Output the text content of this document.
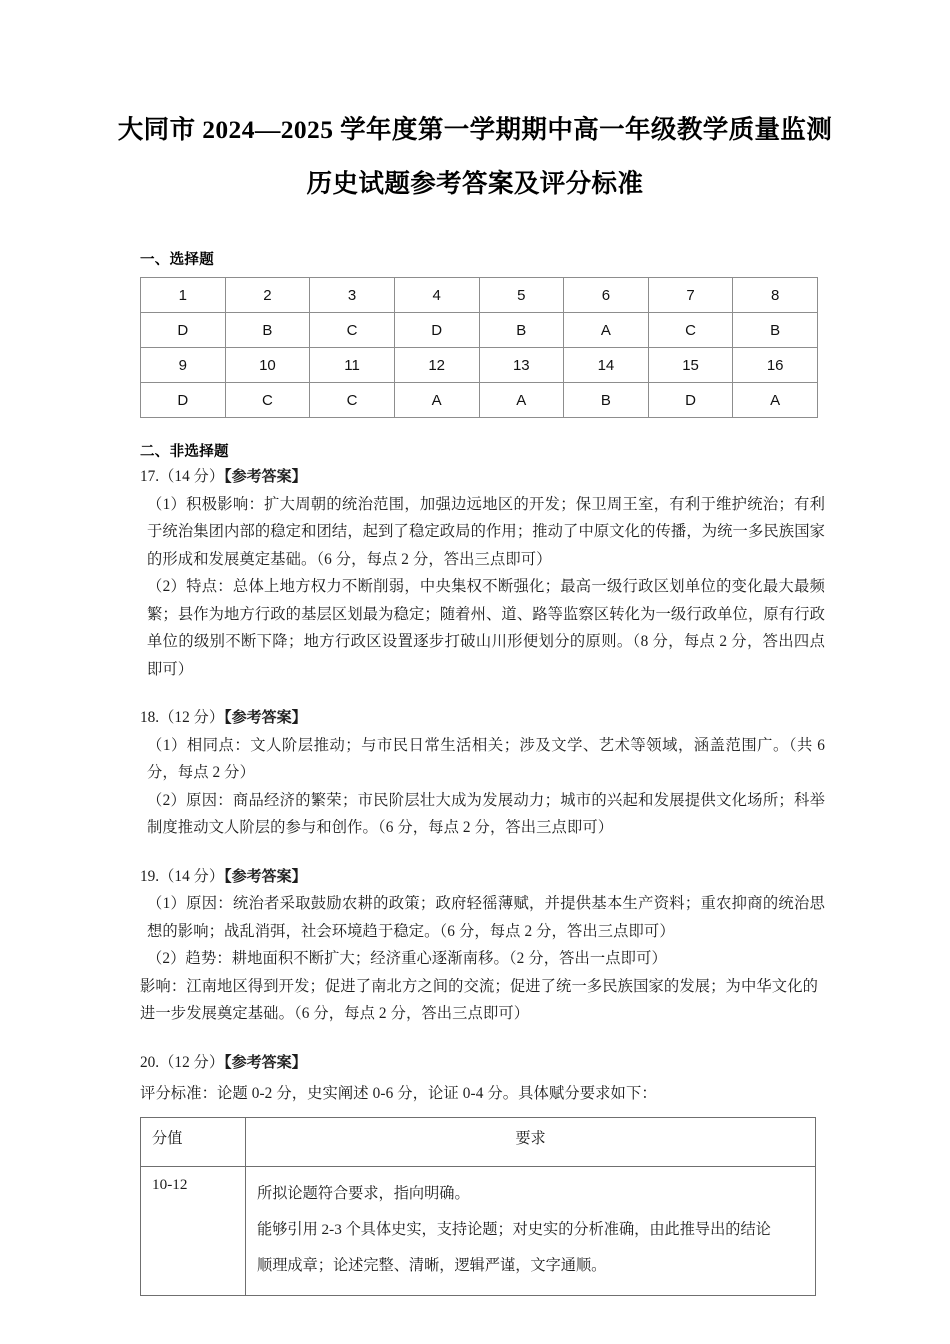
大同市 2024—2025 学年度第一学期期中高一年级教学质量监测
历史试题参考答案及评分标准
一、选择题
1	2	3	4	5	6	7	8
D	B	C	D	B	A	C	B
9	10	11	12	13	14	15	16
D	C	C	A	A	B	D	A
二、非选择题
17.（14 分）【参考答案】
（1）积极影响：扩大周朝的统治范围，加强边远地区的开发；保卫周王室，有利于维护统治；有利于统治集团内部的稳定和团结，起到了稳定政局的作用；推动了中原文化的传播，为统一多民族国家的形成和发展奠定基础。（6 分，每点 2 分，答出三点即可）
（2）特点：总体上地方权力不断削弱，中央集权不断强化；最高一级行政区划单位的变化最大最频繁；县作为地方行政的基层区划最为稳定；随着州、道、路等监察区转化为一级行政单位，原有行政单位的级别不断下降；地方行政区设置逐步打破山川形便划分的原则。（8 分，每点 2 分，答出四点即可）
18.（12 分）【参考答案】
（1）相同点：文人阶层推动；与市民日常生活相关；涉及文学、艺术等领域，涵盖范围广。（共 6 分，每点 2 分）
（2）原因：商品经济的繁荣；市民阶层壮大成为发展动力；城市的兴起和发展提供文化场所；科举制度推动文人阶层的参与和创作。（6 分，每点 2 分，答出三点即可）
19.（14 分）【参考答案】
（1）原因：统治者采取鼓励农耕的政策；政府轻徭薄赋，并提供基本生产资料；重农抑商的统治思想的影响；战乱消弭，社会环境趋于稳定。（6 分，每点 2 分，答出三点即可）
（2）趋势：耕地面积不断扩大；经济重心逐渐南移。（2 分，答出一点即可）
影响：江南地区得到开发；促进了南北方之间的交流；促进了统一多民族国家的发展；为中华文化的进一步发展奠定基础。（6 分，每点 2 分，答出三点即可）
20.（12 分）【参考答案】
评分标准：论题 0-2 分，史实阐述 0-6 分，论证 0-4 分。具体赋分要求如下：
分值	要求
10-12	所拟论题符合要求，指向明确。
能够引用 2-3 个具体史实，支持论题；对史实的分析准确，由此推导出的结论
顺理成章；论述完整、清晰，逻辑严谨，文字通顺。
